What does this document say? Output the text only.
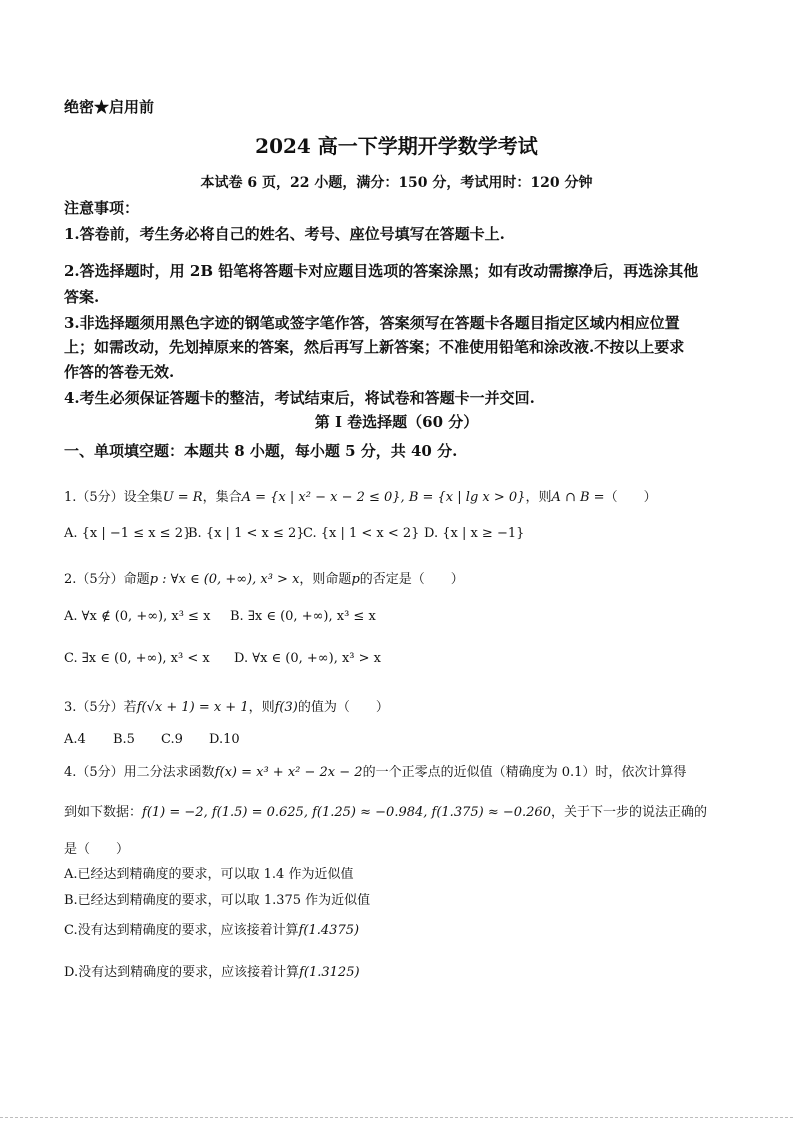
绝密★启用前
2024 高一下学期开学数学考试
本试卷 6 页，22 小题，满分：150 分，考试用时：120 分钟
注意事项：
1.答卷前，考生务必将自己的姓名、考号、座位号填写在答题卡上.
2.答选择题时，用 2B 铅笔将答题卡对应题目选项的答案涂黑；如有改动需擦净后，再选涂其他
答案.
3.非选择题须用黑色字迹的钢笔或签字笔作答，答案须写在答题卡各题目指定区域内相应位置
上；如需改动，先划掉原来的答案，然后再写上新答案；不准使用铅笔和涂改液.不按以上要求
作答的答卷无效.
4.考生必须保证答题卡的整洁，考试结束后，将试卷和答题卡一并交回.
第 I 卷选择题（60 分）
一、单项填空题：本题共 8 小题，每小题 5 分，共 40 分.
1.（5分）设全集U = R，集合A = {x | x² − x − 2 ≤ 0}, B = {x | lg x > 0}，则A ∩ B =（　　）
A. {x | −1 ≤ x ≤ 2}
B. {x | 1 < x ≤ 2}
C. {x | 1 < x < 2} D. {x | x ≥ −1}
2.（5分）命题p : ∀x ∈ (0, +∞), x³ > x，则命题p的否定是（　　）
A. ∀x ∉ (0, +∞), x³ ≤ x B. ∃x ∈ (0, +∞), x³ ≤ x
C. ∃x ∈ (0, +∞), x³ < x D. ∀x ∈ (0, +∞), x³ > x
3.（5分）若f(√x + 1) = x + 1，则f(3)的值为（　　）
A.4 B.5 C.9 D.10
4.（5分）用二分法求函数f(x) = x³ + x² − 2x − 2的一个正零点的近似值（精确度为 0.1）时，依次计算得
到如下数据：f(1) = −2, f(1.5) = 0.625, f(1.25) ≈ −0.984, f(1.375) ≈ −0.260，关于下一步的说法正确的
是（　　）
A.已经达到精确度的要求，可以取 1.4 作为近似值
B.已经达到精确度的要求，可以取 1.375 作为近似值
C.没有达到精确度的要求，应该接着计算f(1.4375)
D.没有达到精确度的要求，应该接着计算f(1.3125)
